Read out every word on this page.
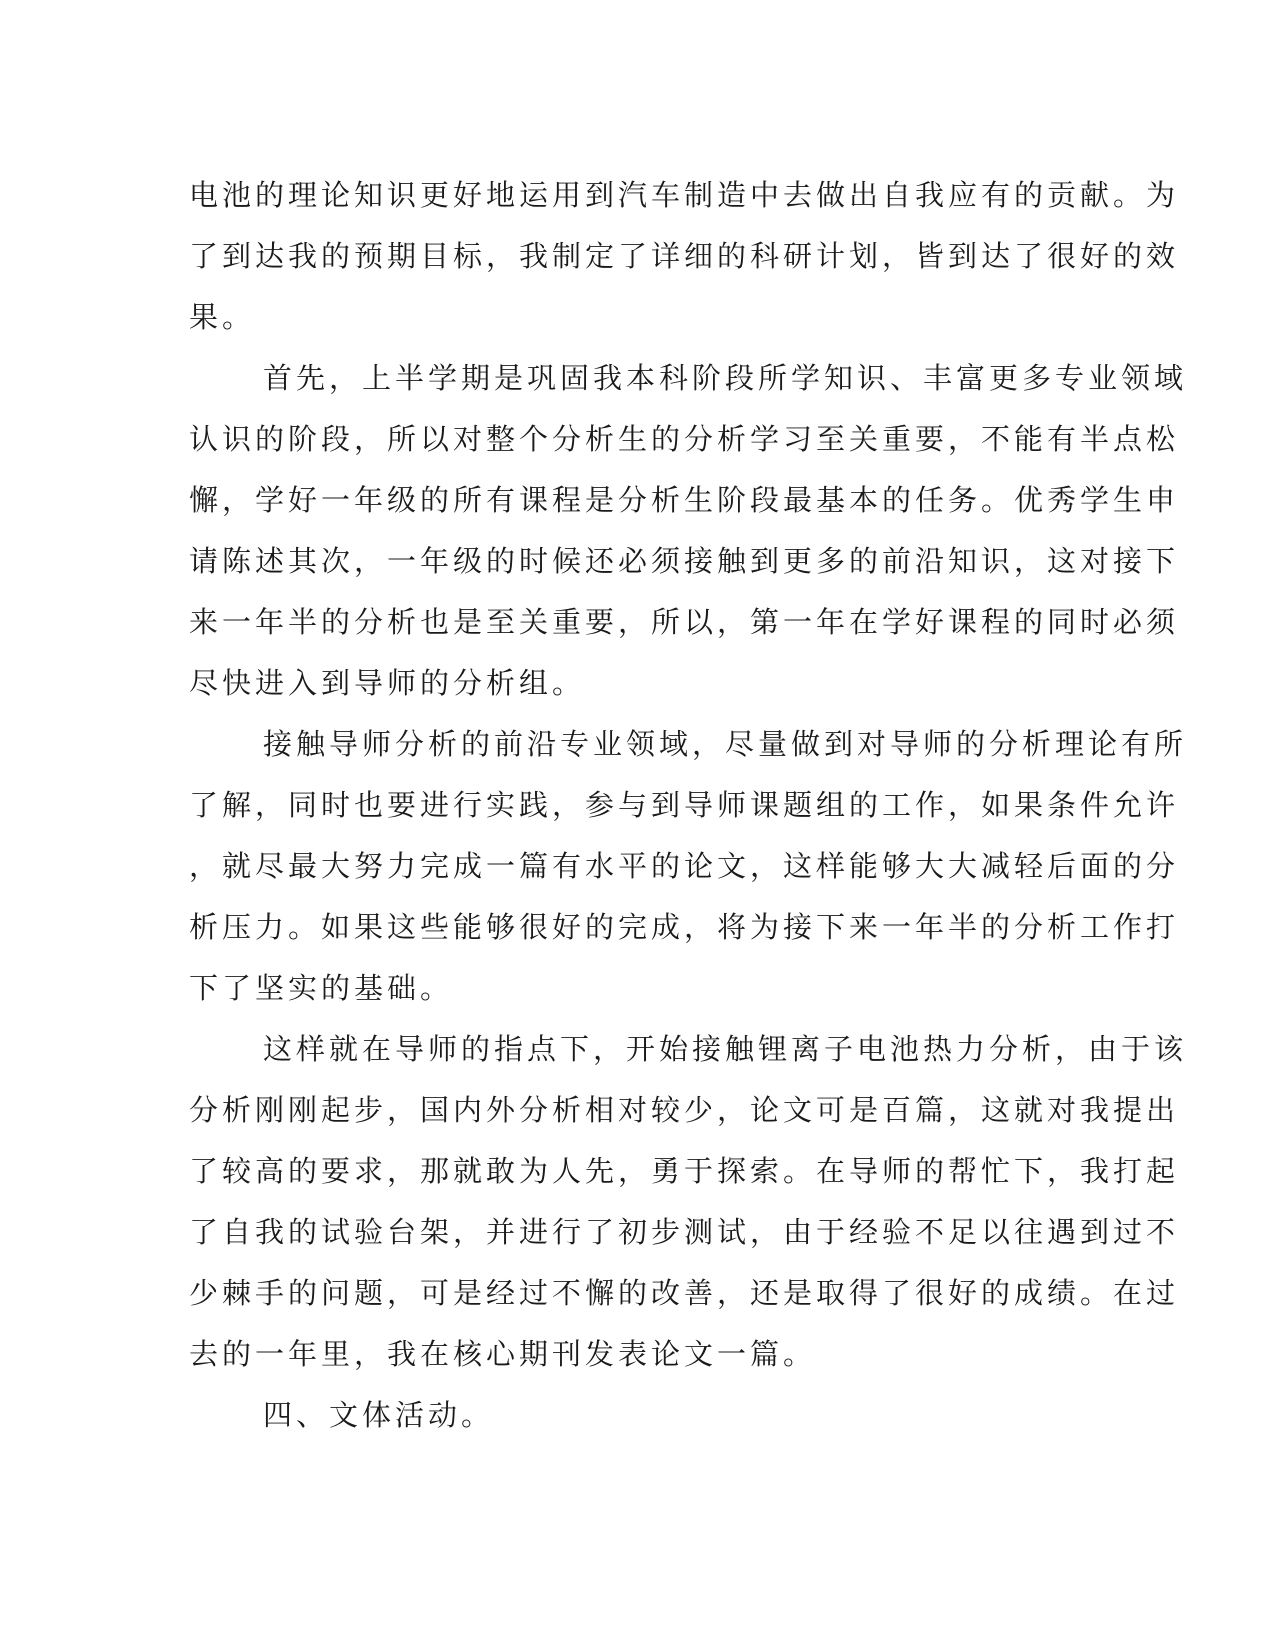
电池的理论知识更好地运用到汽车制造中去做出自我应有的贡献。为
了到达我的预期目标，我制定了详细的科研计划，皆到达了很好的效
果。

首先，上半学期是巩固我本科阶段所学知识、丰富更多专业领域
认识的阶段，所以对整个分析生的分析学习至关重要，不能有半点松
懈，学好一年级的所有课程是分析生阶段最基本的任务。优秀学生申
请陈述其次，一年级的时候还必须接触到更多的前沿知识，这对接下
来一年半的分析也是至关重要，所以，第一年在学好课程的同时必须
尽快进入到导师的分析组。

接触导师分析的前沿专业领域，尽量做到对导师的分析理论有所
了解，同时也要进行实践，参与到导师课题组的工作，如果条件允许
，就尽最大努力完成一篇有水平的论文，这样能够大大减轻后面的分
析压力。如果这些能够很好的完成，将为接下来一年半的分析工作打
下了坚实的基础。

这样就在导师的指点下，开始接触锂离子电池热力分析，由于该
分析刚刚起步，国内外分析相对较少，论文可是百篇，这就对我提出
了较高的要求，那就敢为人先，勇于探索。在导师的帮忙下，我打起
了自我的试验台架，并进行了初步测试，由于经验不足以往遇到过不
少棘手的问题，可是经过不懈的改善，还是取得了很好的成绩。在过
去的一年里，我在核心期刊发表论文一篇。

四、文体活动。
